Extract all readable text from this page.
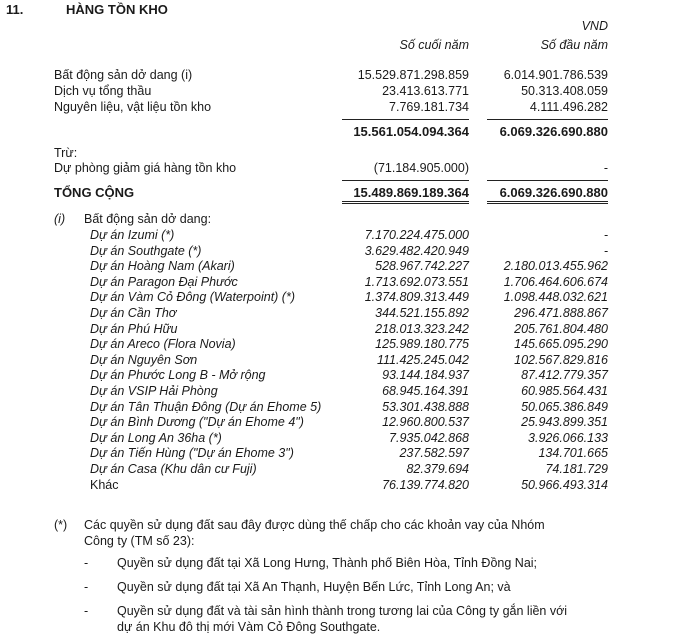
11.	HÀNG TỒN KHO
VND
Số cuối năm	Số đầu năm
Bất động sản dở dang (i)	15.529.871.298.859	6.014.901.786.539
Dịch vụ tổng thầu	23.413.613.771	50.313.408.059
Nguyên liệu, vật liệu tồn kho	7.769.181.734	4.111.496.282
15.561.054.094.364 6.069.326.690.880
Trừ:
Dự phòng giảm giá hàng tồn kho	(71.184.905.000)	-
TỔNG CỘNG	15.489.869.189.364 6.069.326.690.880
(i) Bất động sản dở dang:
Dự án Izumi (*)	7.170.224.475.000	-
Dự án Southgate (*)	3.629.482.420.949	-
Dự án Hoàng Nam (Akari)	528.967.742.227	2.180.013.455.962
Dự án Paragon Đại Phước	1.713.692.073.551	1.706.464.606.674
Dự án Vàm Cỏ Đông (Waterpoint) (*)	1.374.809.313.449	1.098.448.032.621
Dự án Cần Thơ	344.521.155.892	296.471.888.867
Dự án Phú Hữu	218.013.323.242	205.761.804.480
Dự án Areco (Flora Novia)	125.989.180.775	145.665.095.290
Dự án Nguyên Sơn	111.425.245.042	102.567.829.816
Dự án Phước Long B - Mở rộng	93.144.184.937	87.412.779.357
Dự án VSIP Hải Phòng	68.945.164.391	60.985.564.431
Dự án Tân Thuận Đông (Dự án Ehome 5)	53.301.438.888	50.065.386.849
Dự án Bình Dương ("Dự án Ehome 4")	12.960.800.537	25.943.899.351
Dự án Long An 36ha (*)	7.935.042.868	3.926.066.133
Dự án Tiến Hùng ("Dự án Ehome 3")	237.582.597	134.701.665
Dự án Casa (Khu dân cư Fuji)	82.379.694	74.181.729
Khác	76.139.774.820	50.966.493.314
(*) Các quyền sử dụng đất sau đây được dùng thế chấp cho các khoản vay của Nhóm
Công ty (TM số 23):
- Quyền sử dụng đất tại Xã Long Hưng, Thành phố Biên Hòa, Tỉnh Đồng Nai;
- Quyền sử dụng đất tại Xã An Thạnh, Huyện Bến Lức, Tỉnh Long An; và
- Quyền sử dụng đất và tài sản hình thành trong tương lai của Công ty gắn liền với
dự án Khu đô thị mới Vàm Cỏ Đông Southgate.
